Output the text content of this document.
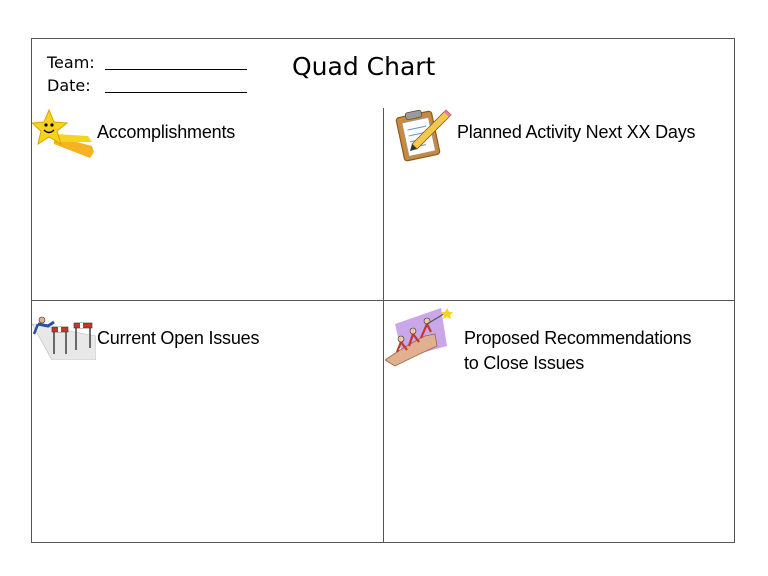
Team:
Date:
Quad Chart
Accomplishments	Planned Activity Next XX Days
Current Open Issues	Proposed Recommendations
to Close Issues
